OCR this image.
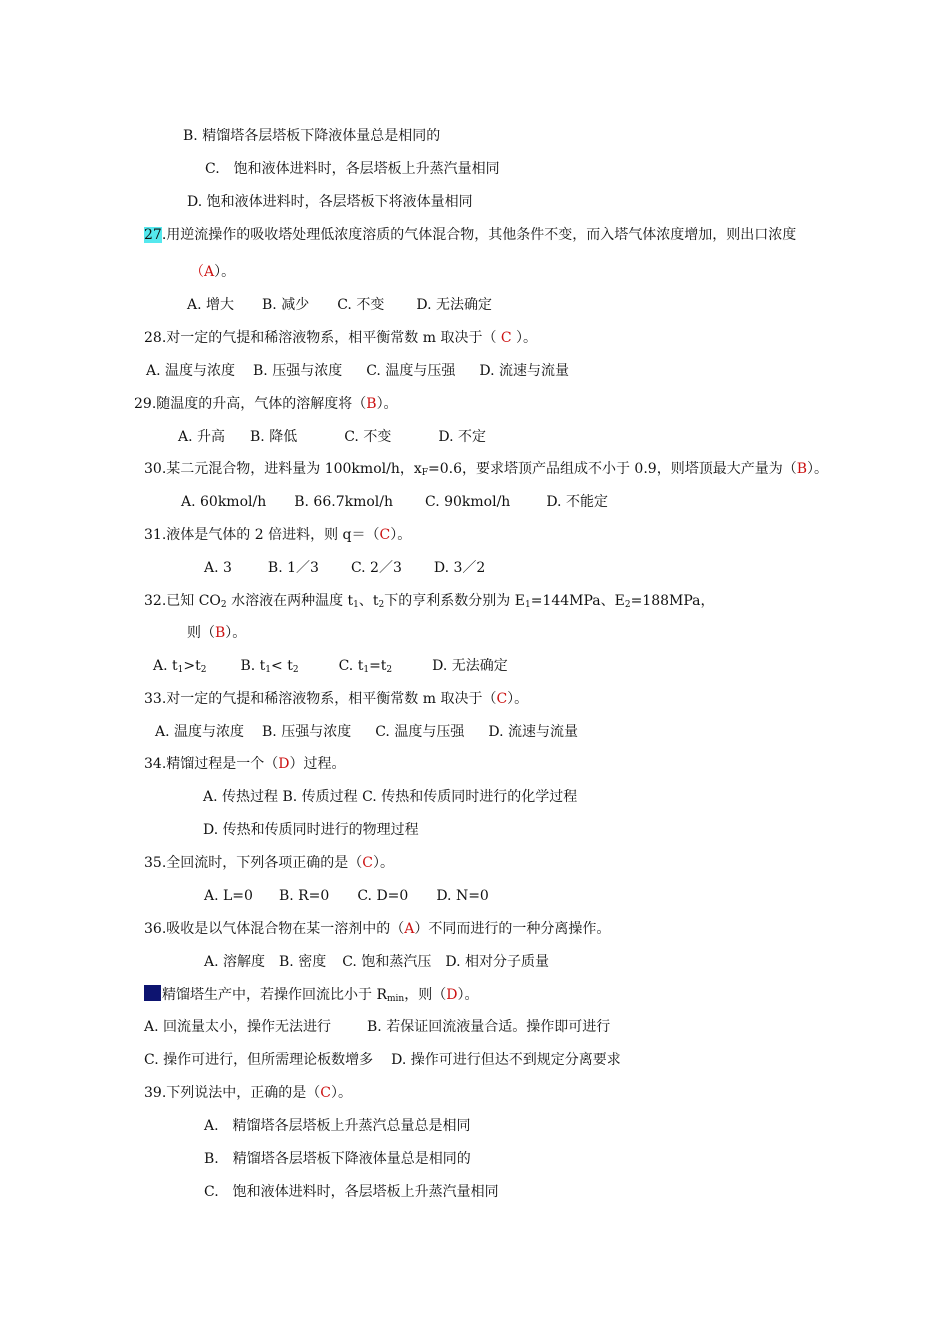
B. 精馏塔各层塔板下降液体量总是相同的
C.　饱和液体进料时，各层塔板上升蒸汽量相同
D. 饱和液体进料时，各层塔板下将液体量相同
27.用逆流操作的吸收塔处理低浓度溶质的气体混合物，其他条件不变，而入塔气体浓度增加，则出口浓度
（A）。
A. 增大 B. 减少 C. 不变 D. 无法确定
28.对一定的气提和稀溶液物系，相平衡常数 m 取决于（ C ）。
A. 温度与浓度 B. 压强与浓度 C. 温度与压强 D. 流速与流量
29.随温度的升高，气体的溶解度将（B）。
A. 升高 B. 降低	C. 不变	D. 不定
30.某二元混合物，进料量为 100kmol/h，$x_F=0.6$，要求塔顶产品组成不小于 0.9，则塔顶最大产量为（B）。
A. 60kmol/h B. 66.7kmol/h C. 90kmol/h	D. 不能定
31.液体是气体的 2 倍进料，则 q＝（C）。
A. 3	B. 1／3 C. 2／3 D. 3／2
32.已知 $CO_2$ 水溶液在两种温度 $t_1$、$t_2$下的亨利系数分别为 $E_1=144MPa$、$E_2=188MPa$，
则（B）。
A. $t_1>t_2$ B. $t_1< t_2$	C. $t_1=t_2$	D. 无法确定
33.对一定的气提和稀溶液物系，相平衡常数 m 取决于（C）。
A. 温度与浓度 B. 压强与浓度 C. 温度与压强 D. 流速与流量
34.精馏过程是一个（D）过程。
A. 传热过程 B. 传质过程 C. 传热和传质同时进行的化学过程
D. 传热和传质同时进行的物理过程
35.全回流时，下列各项正确的是（C）。
A. L=0 B. R=0 C. D=0 D. N=0
36.吸收是以气体混合物在某一溶剂中的（A）不同而进行的一种分离操作。
A. 溶解度 B. 密度 C. 饱和蒸汽压 D. 相对分子质量
精馏塔生产中，若操作回流比小于 $R_{min}$，则（D）。
A. 回流量太小，操作无法进行	B. 若保证回流液量合适。操作即可进行
C. 操作可进行，但所需理论板数增多 D. 操作可进行但达不到规定分离要求
39.下列说法中，正确的是（C）。
A.　精馏塔各层塔板上升蒸汽总量总是相同
B.　精馏塔各层塔板下降液体量总是相同的
C.　饱和液体进料时，各层塔板上升蒸汽量相同
